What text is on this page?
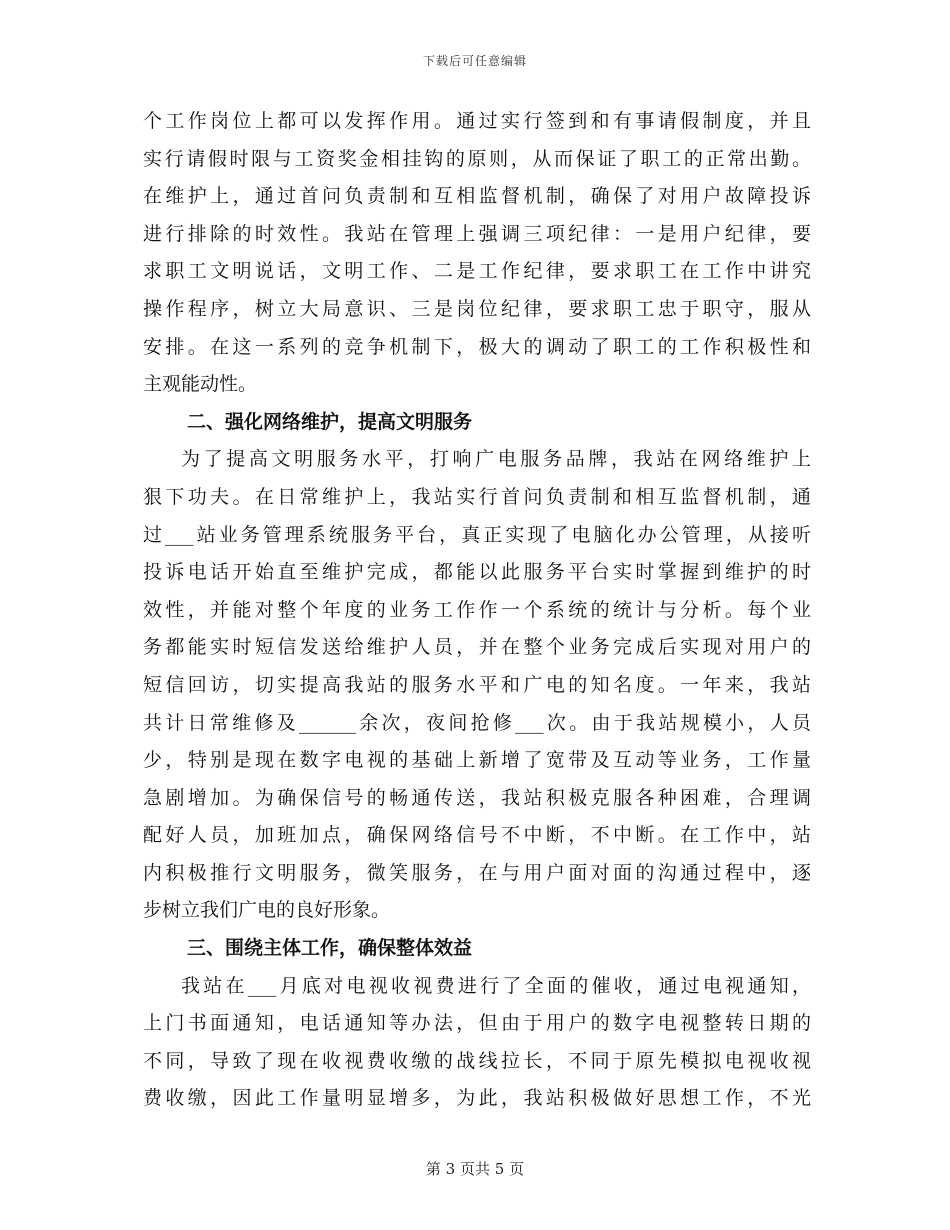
下载后可任意编辑
个工作岗位上都可以发挥作用。通过实行签到和有事请假制度，并且
实行请假时限与工资奖金相挂钩的原则，从而保证了职工的正常出勤。
在维护上，通过首问负责制和互相监督机制，确保了对用户故障投诉
进行排除的时效性。我站在管理上强调三项纪律：一是用户纪律，要
求职工文明说话，文明工作、二是工作纪律，要求职工在工作中讲究
操作程序，树立大局意识、三是岗位纪律，要求职工忠于职守，服从
安排。在这一系列的竞争机制下，极大的调动了职工的工作积极性和
主观能动性。
二、强化网络维护，提高文明服务
为了提高文明服务水平，打响广电服务品牌，我站在网络维护上
狠下功夫。在日常维护上，我站实行首问负责制和相互监督机制，通
过___站业务管理系统服务平台，真正实现了电脑化办公管理，从接听
投诉电话开始直至维护完成，都能以此服务平台实时掌握到维护的时
效性，并能对整个年度的业务工作作一个系统的统计与分析。每个业
务都能实时短信发送给维护人员，并在整个业务完成后实现对用户的
短信回访，切实提高我站的服务水平和广电的知名度。一年来，我站
共计日常维修及______余次，夜间抢修___次。由于我站规模小，人员
少，特别是现在数字电视的基础上新增了宽带及互动等业务，工作量
急剧增加。为确保信号的畅通传送，我站积极克服各种困难，合理调
配好人员，加班加点，确保网络信号不中断，不中断。在工作中，站
内积极推行文明服务，微笑服务，在与用户面对面的沟通过程中，逐
步树立我们广电的良好形象。
三、围绕主体工作，确保整体效益
我站在___月底对电视收视费进行了全面的催收，通过电视通知，
上门书面通知，电话通知等办法，但由于用户的数字电视整转日期的
不同，导致了现在收视费收缴的战线拉长，不同于原先模拟电视收视
费收缴，因此工作量明显增多，为此，我站积极做好思想工作，不光
第 3 页共 5 页
